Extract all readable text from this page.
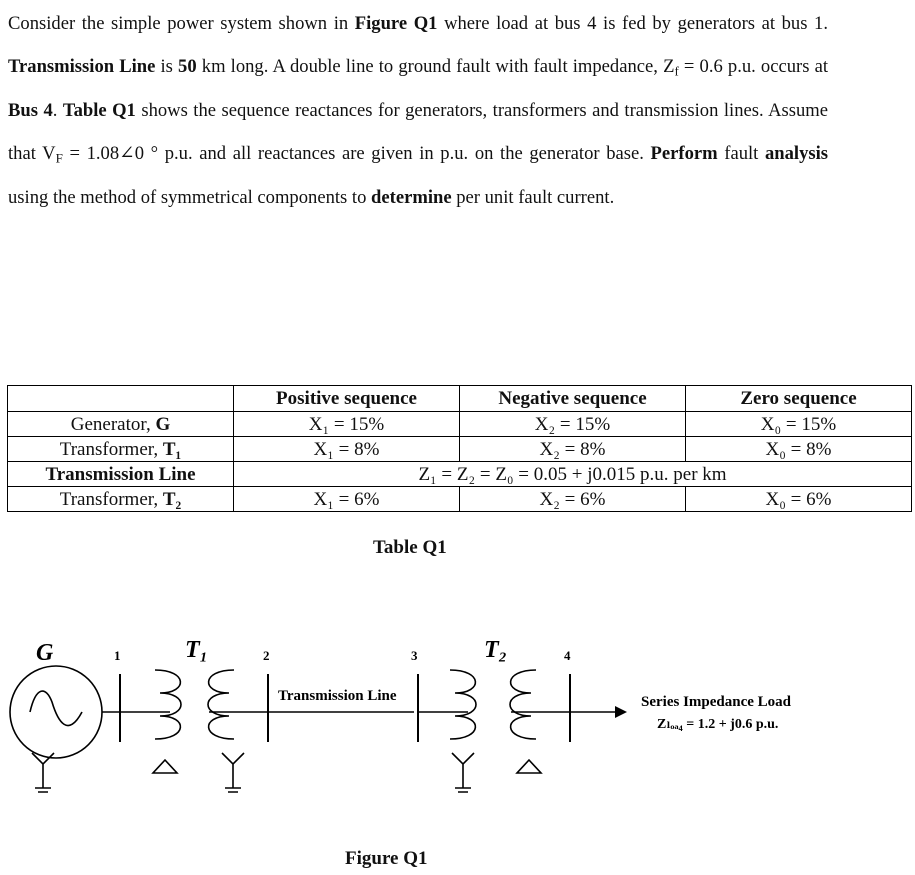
Consider the simple power system shown in Figure Q1 where load at bus 4 is fed by generators at bus 1. Transmission Line is 50 km long. A double line to ground fault with fault impedance, $Z_f = 0.6$ p.u. occurs at Bus 4. Table Q1 shows the sequence reactances for generators, transformers and transmission lines. Assume that $V_F$ = 1.08∠0 ° p.u. and all reactances are given in p.u. on the generator base. Perform fault analysis using the method of symmetrical components to determine per unit fault current.

	Positive sequence	Negative sequence	Zero sequence
Generator, G	X₁ = 15%	X₂ = 15%	X₀ = 15%
Transformer, T₁	X₁ = 8%	X₂ = 8%	X₀ = 8%
Transmission Line	Z₁ = Z₂ = Z₀ = 0.05 + j0.015 p.u. per km		
Transformer, T₂	X₁ = 6%	X₂ = 6%	X₀ = 6%
Table Q1
G	T₁	T₂
1	2	3	4
Transmission Line	Series Impedance Load
Zₗₒₐ₄ = 1.2 + j0.6 p.u.
Figure Q1
